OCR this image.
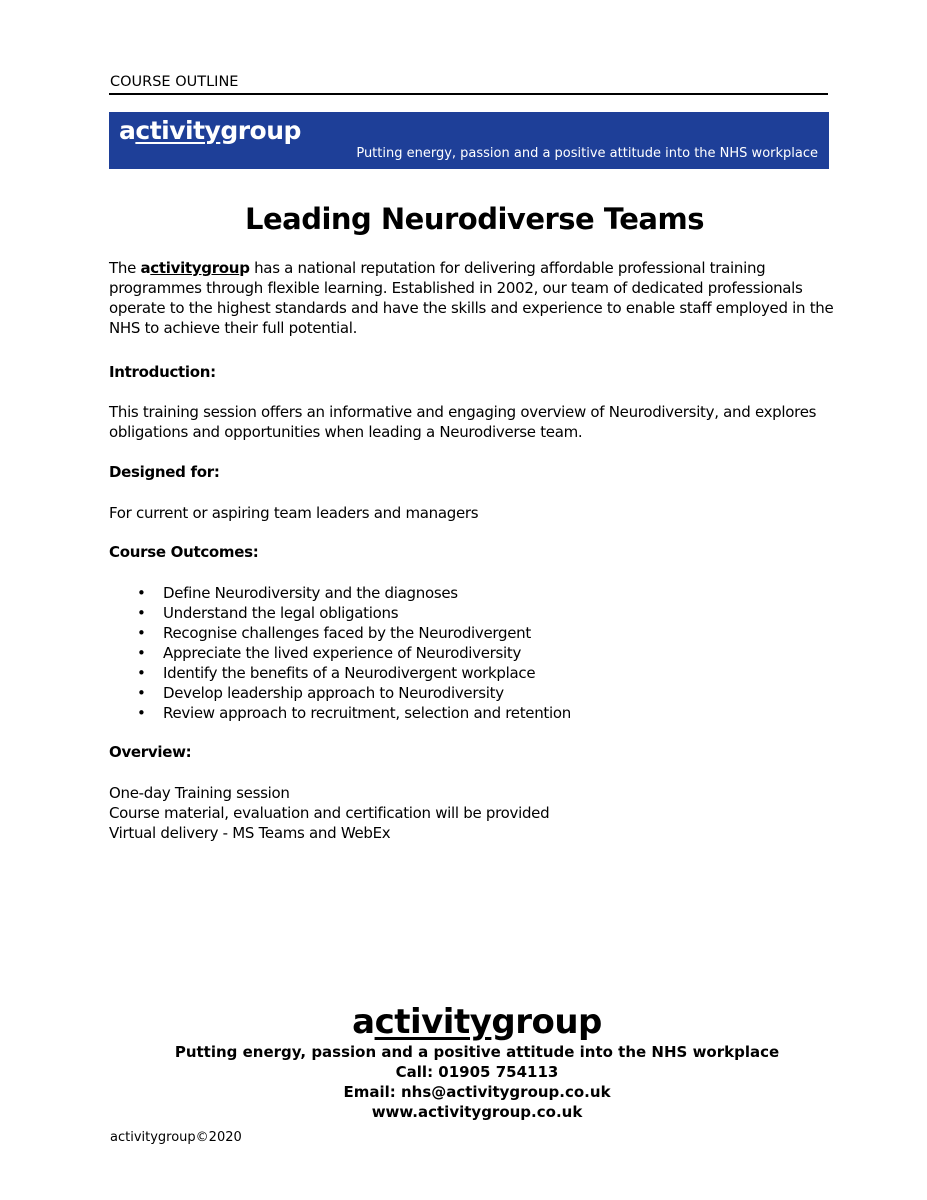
COURSE OUTLINE
activitygroup
Putting energy, passion and a positive attitude into the NHS workplace
Leading Neurodiverse Teams

The activitygroup has a national reputation for delivering affordable professional training programmes through flexible learning. Established in 2002, our team of dedicated professionals operate to the highest standards and have the skills and experience to enable staff employed in the NHS to achieve their full potential.

Introduction:
This training session offers an informative and engaging overview of Neurodiversity, and explores obligations and opportunities when leading a Neurodiverse team.
Designed for:
For current or aspiring team leaders and managers
Course Outcomes:
• Define Neurodiversity and the diagnoses
• Understand the legal obligations
• Recognise challenges faced by the Neurodivergent
• Appreciate the lived experience of Neurodiversity
• Identify the benefits of a Neurodivergent workplace
• Develop leadership approach to Neurodiversity
• Review approach to recruitment, selection and retention
Overview:

One-day Training session

Course material, evaluation and certification will be provided

Virtual delivery - MS Teams and WebEx

activitygroup
Putting energy, passion and a positive attitude into the NHS workplace
Call: 01905 754113
Email: nhs@activitygroup.co.uk
www.activitygroup.co.uk
activitygroup©2020
